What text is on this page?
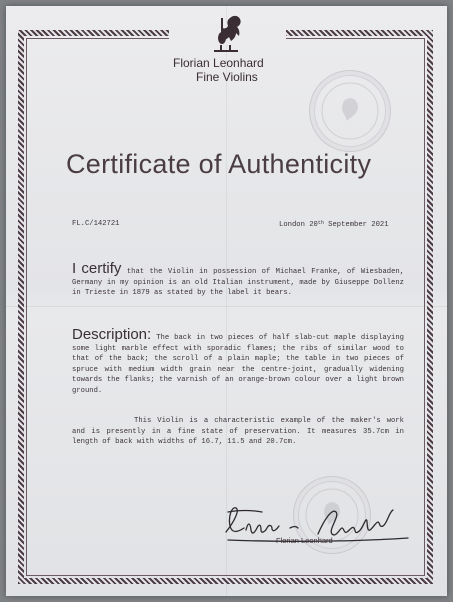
Florian Leonhard
Fine Violins
Certificate of Authenticity
FL.C/142721	London 20th September 2021
I certify that the Violin in possession of Michael Franke, of Wiesbaden, Germany in my opinion is an old Italian instrument, made by Giuseppe Dollenz in Trieste in 1879 as stated by the label it bears.
Description: The back in two pieces of half slab-cut maple displaying some light marble effect with sporadic flames; the ribs of similar wood to that of the back; the scroll of a plain maple; the table in two pieces of spruce with medium width grain near the centre-joint, gradually widening towards the flanks; the varnish of an orange-brown colour over a light brown ground.
This Violin is a characteristic example of the maker's work and is presently in a fine state of preservation. It measures 35.7cm in length of back with widths of 16.7, 11.5 and 20.7cm.
Florian Leonhard
